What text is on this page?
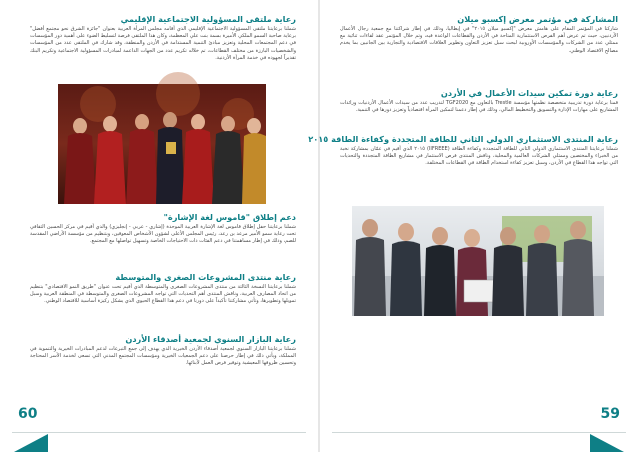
رعاية ملتقى المسؤولية الاجتماعية الإقليمي

شملنا برعايتنا ملتقى المسؤولية الاجتماعية الإقليمي الذي أقامه مجلس المرأة العربية بعنوان "جائزة الشرق نحو مجتمع أفضل" برعاية صاحبة السمو الملكي الأميرة بسمة بنت علي المعظمة، وكان هذا الملتقى فرصة لتسليط الضوء على أهمية دور المؤسسات في دعم المجتمعات المحلية وتعزيز مبادئ التنمية المستدامة في الأردن والمنطقة، وقد شارك في الملتقى عدد من المؤسسات والشخصيات البارزة من مختلف القطاعات، تم خلاله تكريم عدد من الجهات الداعمة لمبادرات المسؤولية الاجتماعية وتكريم البنك تقديراً لجهوده في خدمة المرأة الأردنية.

دعم إطلاق "قاموس لغة الإشارة"

شملنا برعايتنا حفل إطلاق قاموس لغة الإشارة العربية الموحدة (إشاري - عربي - إنجليزي) والذي أقيم في مركز الحسين الثقافي تحت رعاية سمو الأمير مرعد بن رعد، رئيس المجلس الأعلى لشؤون الأشخاص المعوقين، وبتنظيم من مؤسسة الأراضي المقدسة للصم، وذلك في إطار مساهمتنا في دعم الفئات ذات الاحتياجات الخاصة وتسهيل تواصلها مع المجتمع.

رعاية منتدى المشروعات الصغرى والمتوسطة

شملنا برعايتنا النسخة الثالثة من منتدى المشروعات الصغرى والمتوسطة الذي أقيم تحت عنوان "طريق النمو الاقتصادي" بتنظيم من اتحاد المصارف العربية، وناقش المنتدى أهم التحديات التي تواجه المشروعات الصغرى والمتوسطة في المنطقة العربية وسبل تمويلها وتطويرها، وتأتي مشاركتنا تأكيداً على دورنا في دعم هذا القطاع الحيوي الذي يشكل ركيزة أساسية للاقتصاد الوطني.

رعاية البازار السنوي لجمعية أصدقاء الأردن

شملنا برعايتنا البازار السنوي لجمعية أصدقاء الأردن الخيرية الذي يهدف إلى جمع التبرعات لدعم المبادرات الخيرية والتنموية في المملكة، ويأتي ذلك في إطار حرصنا على دعم الجمعيات الخيرية ومؤسسات المجتمع المدني التي تسعى لخدمة الأسر المحتاجة وتحسين ظروفها المعيشية وتوفير فرص العمل لأبنائها.

60
المشاركة في مؤتمر معرض إكسبو ميلان

شاركنا في المؤتمر المقام على هامش معرض "إكسبو ميلان ٢٠١٥" في إيطاليا، وذلك في إطار شراكتنا مع جمعية رجال الأعمال الأردنيين، حيث تم عرض أهم الفرص الاستثمارية المتاحة في الأردن والقطاعات الواعدة فيه، وتم خلال المؤتمر عقد لقاءات ثنائية مع ممثلي عدد من الشركات والمؤسسات الأوروبية لبحث سبل تعزيز التعاون وتطوير العلاقات الاقتصادية والتجارية بين الجانبين بما يخدم مصالح الاقتصاد الوطني.

رعاية دورة تمكين سيدات الأعمال في الأردن

قمنا برعاية دورة تدريبية متخصصة نظمتها مؤسسة Trestle بالتعاون مع TGF2020 لتدريب عدد من سيدات الأعمال الأردنيات ورائدات المشاريع على مهارات الإدارة والتسويق والتخطيط المالي، وذلك في إطار دعمنا لتمكين المرأة اقتصادياً وتعزيز دورها في التنمية.

رعاية المنتدى الاستثماري الدولي الثاني للطاقة المتجددة وكفاءة الطاقة ٢٠١٥

شملنا برعايتنا المنتدى الاستثماري الدولي الثاني للطاقة المتجددة وكفاءة الطاقة (IIFREEE) ٢٠١٥ الذي أقيم في عمّان بمشاركة نخبة من الخبراء والمختصين وممثلي الشركات العالمية والمحلية، وناقش المنتدى فرص الاستثمار في مشاريع الطاقة المتجددة والتحديات التي تواجه هذا القطاع في الأردن، وسبل تعزيز كفاءة استخدام الطاقة في القطاعات المختلفة.

59
